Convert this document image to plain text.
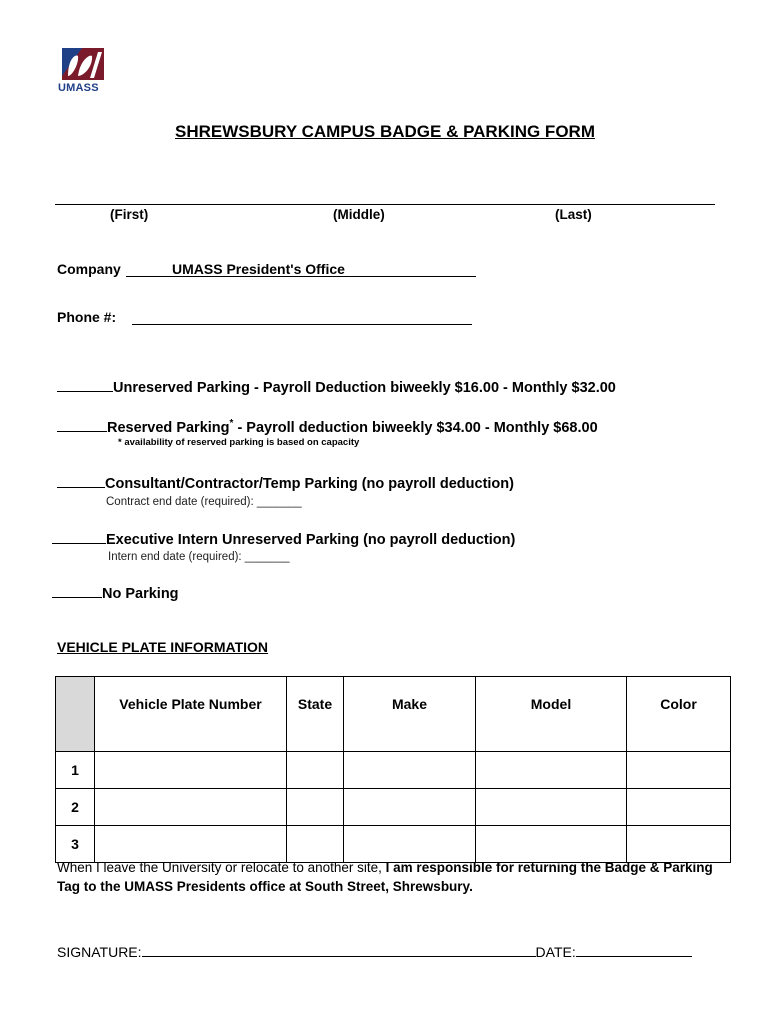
UMASS
SHREWSBURY CAMPUS BADGE & PARKING FORM
(First)	(Middle)	(Last)
Company	UMASS President's Office
Phone #:
Unreserved Parking - Payroll Deduction biweekly $16.00 - Monthly $32.00
Reserved Parking* - Payroll deduction biweekly $34.00 - Monthly $68.00
* availability of reserved parking is based on capacity
Consultant/Contractor/Temp Parking (no payroll deduction)
Contract end date (required): _______
Executive Intern Unreserved Parking (no payroll deduction)
Intern end date (required): _______
No Parking
VEHICLE PLATE INFORMATION
	Vehicle Plate Number	State	Make	Model	Color
1					
2					
3					
When I leave the University or relocate to another site, I am responsible for returning the Badge & Parking Tag to the UMASS Presidents office at South Street, Shrewsbury.
SIGNATURE:	DATE:
